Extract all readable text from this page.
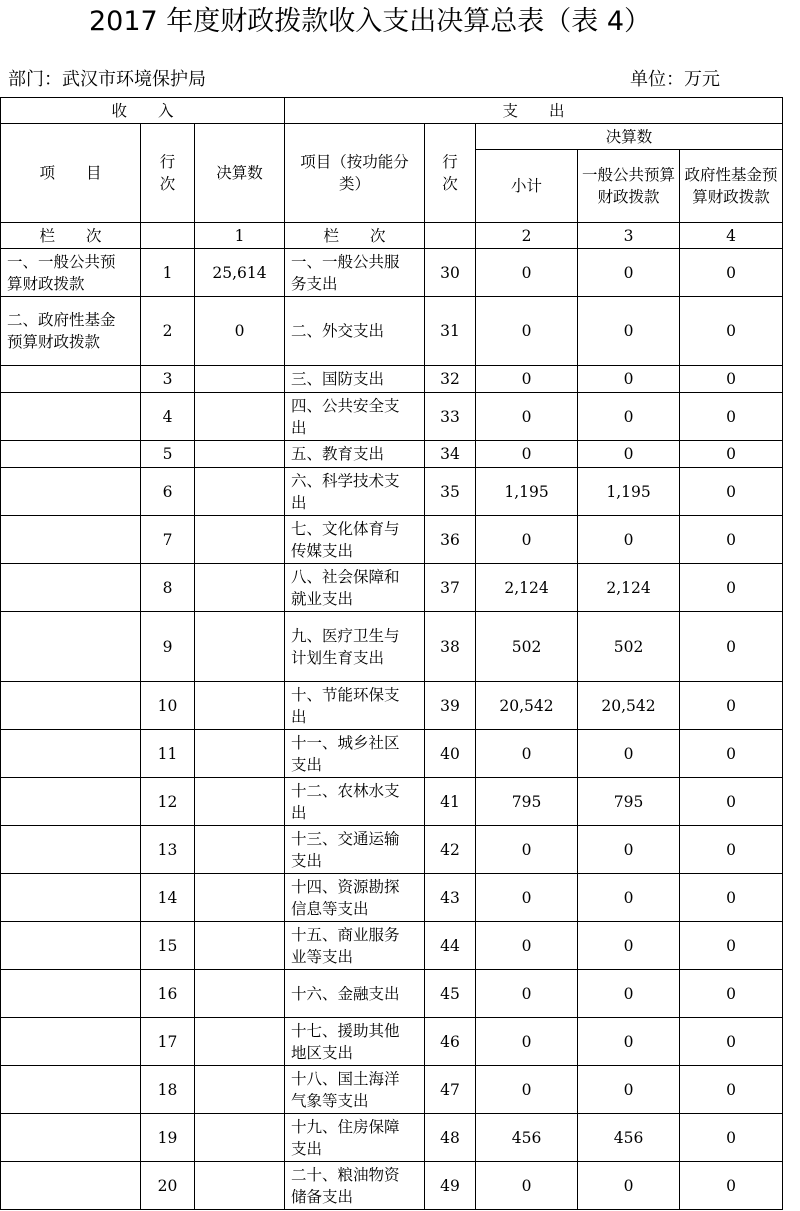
2017 年度财政拨款收入支出决算总表（表 4）
部门：武汉市环境保护局	单位：万元
收　　入			支　　出				
项　　目	行次	决算数	项目（按功能分类）	行次	决算数		
					小计	一般公共预算财政拨款	政府性基金预算财政拨款
栏　　次		1	栏　　次		2	3	4
一、一般公共预算财政拨款	1	25,614	一、一般公共服务支出	30	0	0	0
二、政府性基金预算财政拨款	2	0	二、外交支出	31	0	0	0
	3		三、国防支出	32	0	0	0
	4		四、公共安全支出	33	0	0	0
	5		五、教育支出	34	0	0	0
	6		六、科学技术支出	35	1,195	1,195	0
	7		七、文化体育与传媒支出	36	0	0	0
	8		八、社会保障和就业支出	37	2,124	2,124	0
	9		九、医疗卫生与计划生育支出	38	502	502	0
	10		十、节能环保支出	39	20,542	20,542	0
	11		十一、城乡社区支出	40	0	0	0
	12		十二、农林水支出	41	795	795	0
	13		十三、交通运输支出	42	0	0	0
	14		十四、资源勘探信息等支出	43	0	0	0
	15		十五、商业服务业等支出	44	0	0	0
	16		十六、金融支出	45	0	0	0
	17		十七、援助其他地区支出	46	0	0	0
	18		十八、国土海洋气象等支出	47	0	0	0
	19		十九、住房保障支出	48	456	456	0
	20		二十、粮油物资储备支出	49	0	0	0
